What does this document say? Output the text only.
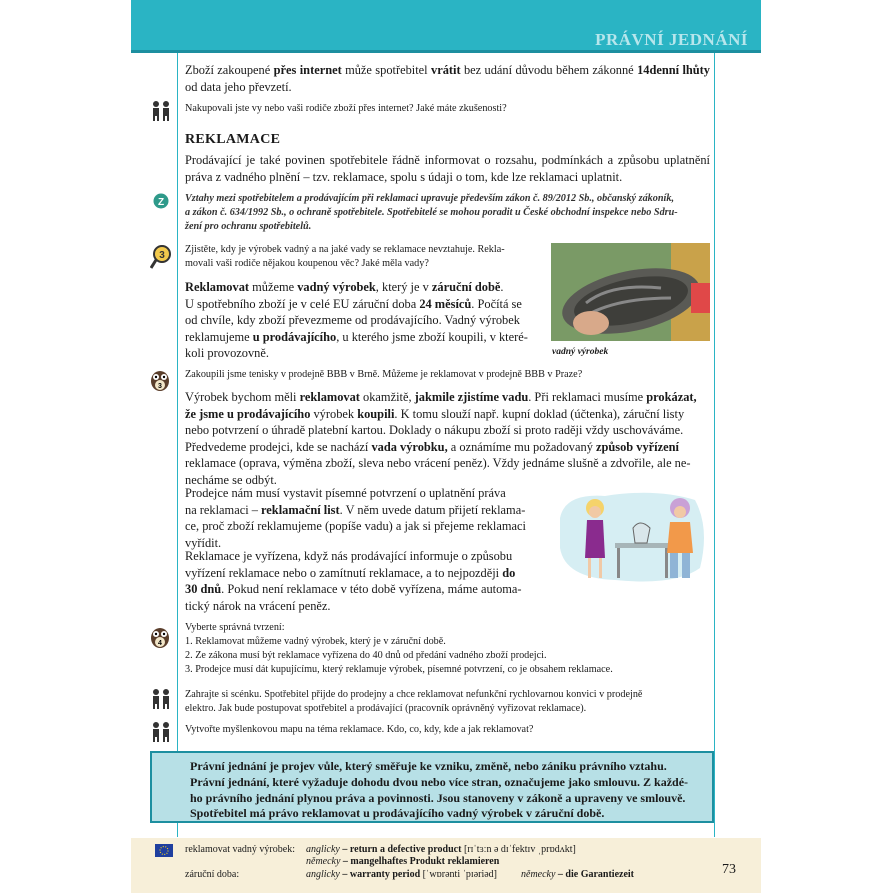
PRÁVNÍ JEDNÁNÍ
Zboží zakoupené přes internet může spotřebitel vrátit bez udání důvodu během zákonné 14denní lhůty od data jeho převzetí.
Nakupovali jste vy nebo vaši rodiče zboží přes internet? Jaké máte zkušenosti?
REKLAMACE
Prodávající je také povinen spotřebitele řádně informovat o rozsahu, podmínkách a způsobu uplatnění práva z vadného plnění – tzv. reklamace, spolu s údaji o tom, kde lze reklamaci uplatnit.
Z Vztahy mezi spotřebitelem a prodávajícím při reklamaci upravuje především zákon č. 89/2012 Sb., občanský zákoník,
a zákon č. 634/1992 Sb., o ochraně spotřebitele. Spotřebitelé se mohou poradit u České obchodní inspekce nebo Sdru-
žení pro ochranu spotřebitelů.
3
Zjistěte, kdy je výrobek vadný a na jaké vady se reklamace nevztahuje. Rekla-
movali vaši rodiče nějakou koupenou věc? Jaké měla vady?
Reklamovat můžeme vadný výrobek, který je v záruční době.
U spotřebního zboží je v celé EU záruční doba 24 měsíců. Počítá se
od chvíle, kdy zboží převezmeme od prodávajícího. Vadný výrobek
reklamujeme u prodávajícího, u kterého jsme zboží koupili, v které-
koli provozovně.	vadný výrobek
3
Zakoupili jsme tenisky v prodejně BBB v Brně. Můžeme je reklamovat v prodejně BBB v Praze?
Výrobek bychom měli reklamovat okamžitě, jakmile zjistíme vadu. Při reklamaci musíme prokázat,
že jsme u prodávajícího výrobek koupili. K tomu slouží např. kupní doklad (účtenka), záruční listy
nebo potvrzení o úhradě platební kartou. Doklady o nákupu zboží si proto raději vždy uschováváme.
Předvedeme prodejci, kde se nachází vada výrobku, a oznámíme mu požadovaný způsob vyřízení
reklamace (oprava, výměna zboží, sleva nebo vrácení peněz). Vždy jednáme slušně a zdvořile, ale ne-
necháme se odbýt.
Prodejce nám musí vystavit písemné potvrzení o uplatnění práva
na reklamaci – reklamační list. V něm uvede datum přijetí reklama-
ce, proč zboží reklamujeme (popíše vadu) a jak si přejeme reklamaci
vyřídit.
Reklamace je vyřízena, když nás prodávající informuje o způsobu
vyřízení reklamace nebo o zamítnutí reklamace, a to nejpozději do
30 dnů. Pokud není reklamace v této době vyřízena, máme automa-
tický nárok na vrácení peněz.
4
Vyberte správná tvrzení:
1. Reklamovat můžeme vadný výrobek, který je v záruční době.
2. Ze zákona musí být reklamace vyřízena do 40 dnů od předání vadného zboží prodejci.
3. Prodejce musí dát kupujícímu, který reklamuje výrobek, písemné potvrzení, co je obsahem reklamace.
Zahrajte si scénku. Spotřebitel přijde do prodejny a chce reklamovat nefunkční rychlovarnou konvici v prodejně
elektro. Jak bude postupovat spotřebitel a prodávající (pracovník oprávněný vyřizovat reklamace).
Vytvořte myšlenkovou mapu na téma reklamace. Kdo, co, kdy, kde a jak reklamovat?
Právní jednání je projev vůle, který směřuje ke vzniku, změně, nebo zániku právního vztahu.
Právní jednání, které vyžaduje dohodu dvou nebo více stran, označujeme jako smlouvu. Z každé-
ho právního jednání plynou práva a povinnosti. Jsou stanoveny v zákoně a upraveny ve smlouvě.
Spotřebitel má právo reklamovat u prodávajícího vadný výrobek v záruční době.
reklamovat vadný výrobek: anglicky – return a defective product [rɪˈtɜːn ə dɪˈfektɪv ˌprɒdʌkt]
německy – mangelhaftes Produkt reklamieren
záruční doba:	anglicky – warranty period [ˈwɒrənti ˈpɪəriəd] německy – die Garantiezeit	73
